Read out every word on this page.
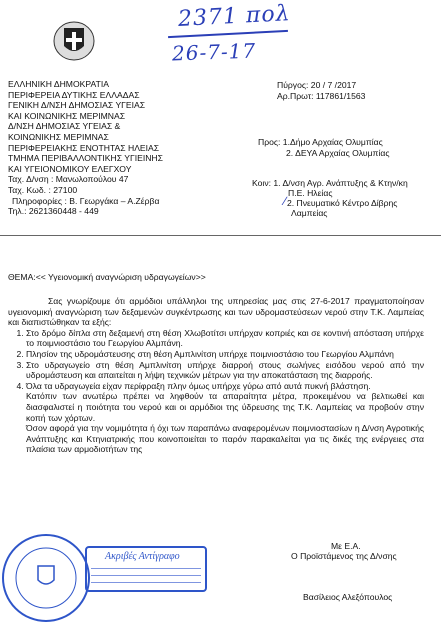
2371 πολ
26-7-17
ΕΛΛΗΝΙΚΗ ΔΗΜΟΚΡΑΤΙΑ
ΠΕΡΙΦΕΡΕΙΑ ΔΥΤΙΚΗΣ ΕΛΛΑΔΑΣ
ΓΕΝΙΚΗ Δ/ΝΣΗ ΔΗΜΟΣΙΑΣ ΥΓΕΙΑΣ
ΚΑΙ ΚΟΙΝΩΝΙΚΗΣ ΜΕΡΙΜΝΑΣ
Δ/ΝΣΗ ΔΗΜΟΣΙΑΣ ΥΓΕΙΑΣ &
ΚΟΙΝΩΝΙΚΗΣ ΜΕΡΙΜΝΑΣ
ΠΕΡΙΦΕΡΕΙΑΚΗΣ ΕΝΟΤΗΤΑΣ ΗΛΕΙΑΣ
ΤΜΗΜΑ ΠΕΡΙΒΑΛΛΟΝΤΙΚΗΣ ΥΓΙΕΙΝΗΣ
ΚΑΙ ΥΓΕΙΟΝΟΜΙΚΟΥ ΕΛΕΓΧΟΥ
Ταχ. Δ/νση : Μανωλοπούλου 47
Ταχ. Κωδ. : 27100
Πληροφορίες : Β. Γεωργάκα – Α.Ζέρβα
Τηλ.: 2621360448 - 449
Πύργος: 20 / 7 /2017
Αρ.Πρωτ: 117861/1563
Προς: 1.Δήμο Αρχαίας Ολυμπίας
2. ΔΕΥΑ Αρχαίας Ολυμπίας
Κοιν: 1. Δ/νση Αγρ. Ανάπτυξης & Κτην/κη
Π.Ε. Ηλείας
∕ 2. Πνευματικό Κέντρο Δίβρης
Λαμπείας
ΘΕΜΑ:<< Υγειονομική αναγνώριση υδραγωγείων>>

Σας γνωρίζουμε ότι αρμόδιοι υπάλληλοι της υπηρεσίας μας στις 27-6-2017 πραγματοποίησαν υγειονομική αναγνώριση των δεξαμενών συγκέντρωσης και των υδρομαστεύσεων νερού στην Τ.Κ. Λαμπείας και διαπιστώθηκαν τα εξής:

1. Στο δρόμο δίπλα στη δεξαμενή στη θέση Χλωβοτίτσι υπήρχαν κοπριές και σε κοντινή απόσταση υπήρχε το ποιμνιοστάσιο του Γεωργίου Αλμπάνη.
2. Πλησίον της υδρομάστευσης στη θέση Αμπλινίτση υπήρχε ποιμνιοστάσιο του Γεωργίου Αλμπάνη
3. Στο υδραγωγείο στη θέση Αμπλινίτση υπήρχε διαρροή στους σωλήνες εισόδου νερού από την υδρομάστευση και απαιτείται η λήψη τεχνικών μέτρων για την αποκατάσταση της διαρροής.
4. Όλα τα υδραγωγεία είχαν περίφραξη πλην όμως υπήρχε γύρω από αυτά πυκνή βλάστηση.

Κατόπιν των ανωτέρω πρέπει να ληφθούν τα απαραίτητα μέτρα, προκειμένου να βελτιωθεί και διασφαλιστεί η ποιότητα του νερού και οι αρμόδιοι της ύδρευσης της Τ.Κ. Λαμπείας να προβούν στην κοπή των χόρτων.

Όσον αφορά για την νομιμότητα ή όχι των παραπάνω αναφερομένων ποιμνιοστασίων η Δ/νση Αγροτικής Ανάπτυξης και Κτηνιατρικής που κοινοποιείται το παρόν παρακαλείται για τις δικές της ενέργειες στα πλαίσια των αρμοδιοτήτων της

Με Ε.Α.
Ο Προϊστάμενος της Δ/νσης
Βασίλειος Αλεξόπουλος
Ακριβές Αντίγραφο
